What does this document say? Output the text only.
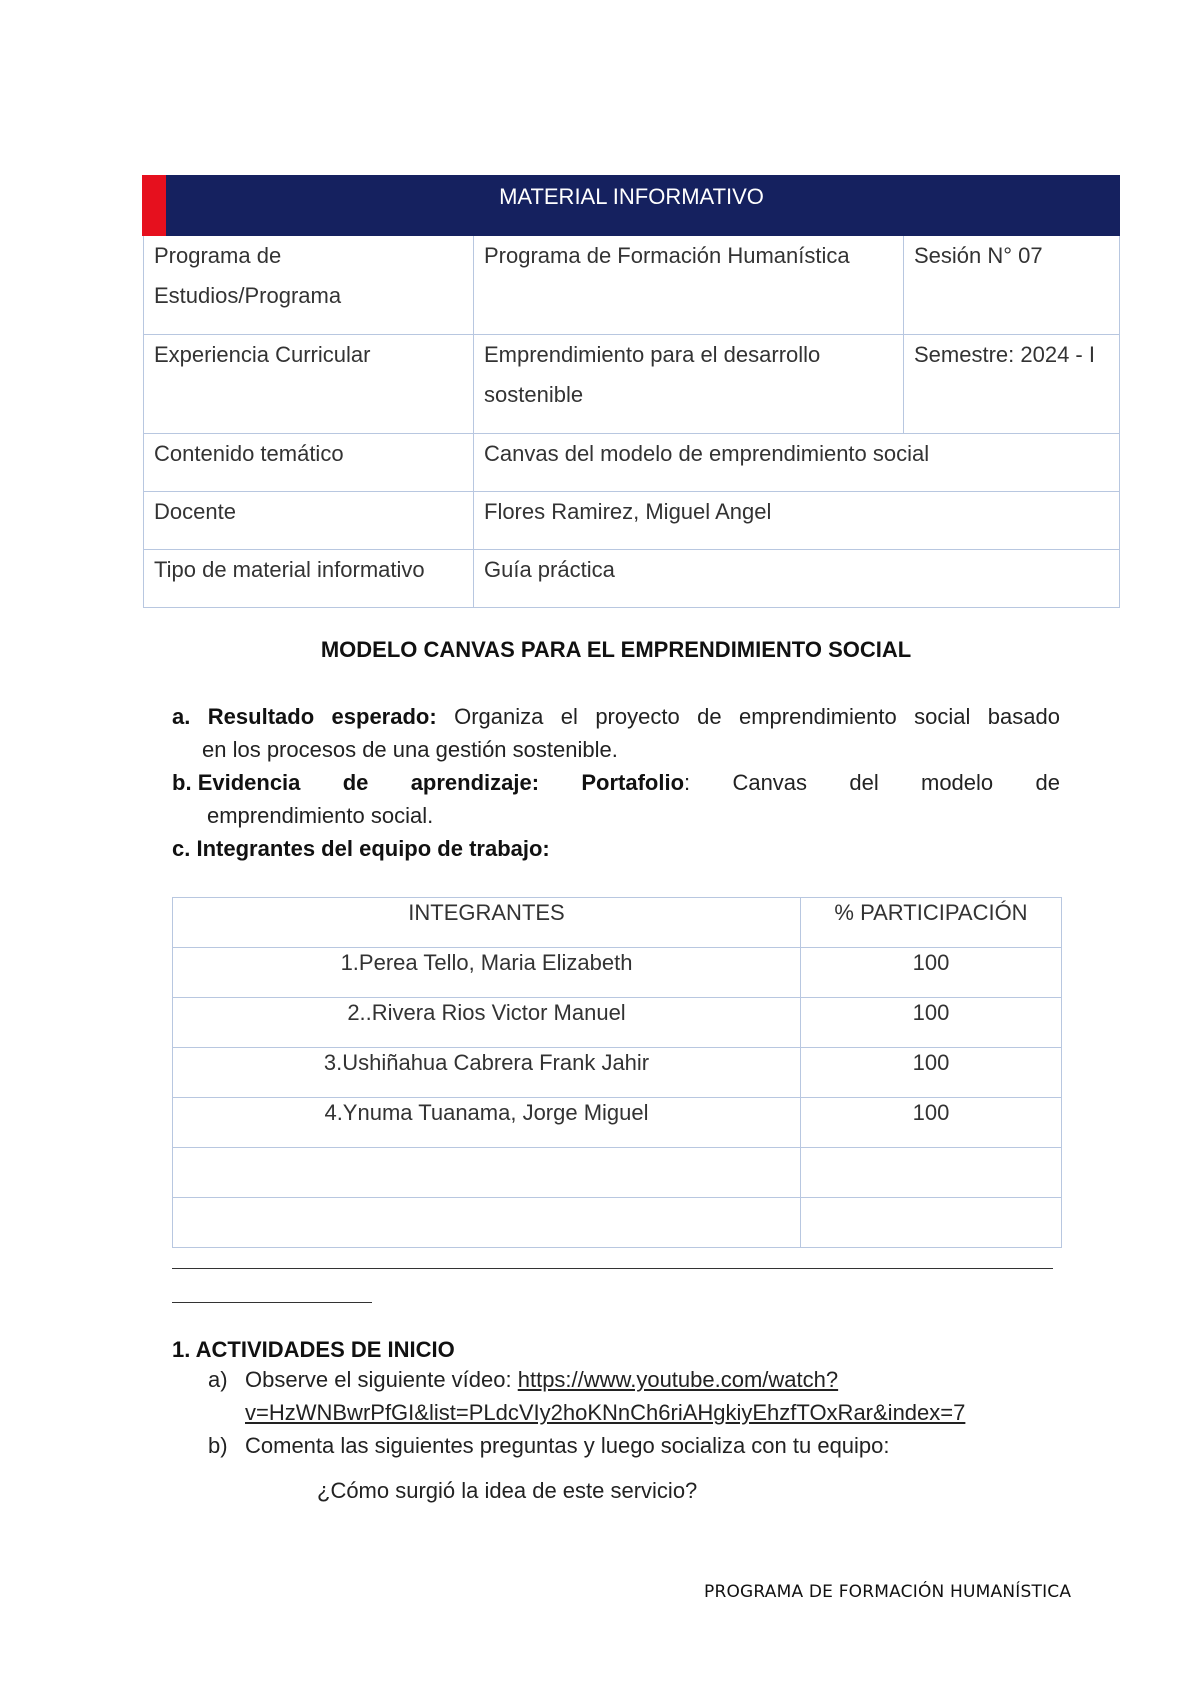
MATERIAL INFORMATIVO		
Programa de Estudios/Programa	Programa de Formación Humanística	Sesión N° 07
Experiencia Curricular	Emprendimiento para el desarrollo sostenible	Semestre: 2024 - I
Contenido temático	Canvas del modelo de emprendimiento social	
Docente	Flores Ramirez, Miguel Angel	
Tipo de material informativo	Guía práctica	
MODELO CANVAS PARA EL EMPRENDIMIENTO SOCIAL
a. Resultado esperado: Organiza el proyecto de emprendimiento social basado
en los procesos de una gestión sostenible.
b. Evidencia de aprendizaje: Portafolio: Canvas del modelo de
emprendimiento social.
c. Integrantes del equipo de trabajo:
INTEGRANTES	% PARTICIPACIÓN
1.Perea Tello, Maria Elizabeth	100
2..Rivera Rios Victor Manuel	100
3.Ushiñahua Cabrera Frank Jahir	100
4.Ynuma Tuanama, Jorge Miguel	100

1. ACTIVIDADES DE INICIO
a) Observe el siguiente vídeo: https://www.youtube.com/watch?
v=HzWNBwrPfGI&list=PLdcVIy2hoKNnCh6riAHgkiyEhzfTOxRar&index=7
b) Comenta las siguientes preguntas y luego socializa con tu equipo:
¿Cómo surgió la idea de este servicio?
PROGRAMA DE FORMACIÓN HUMANÍSTICA
